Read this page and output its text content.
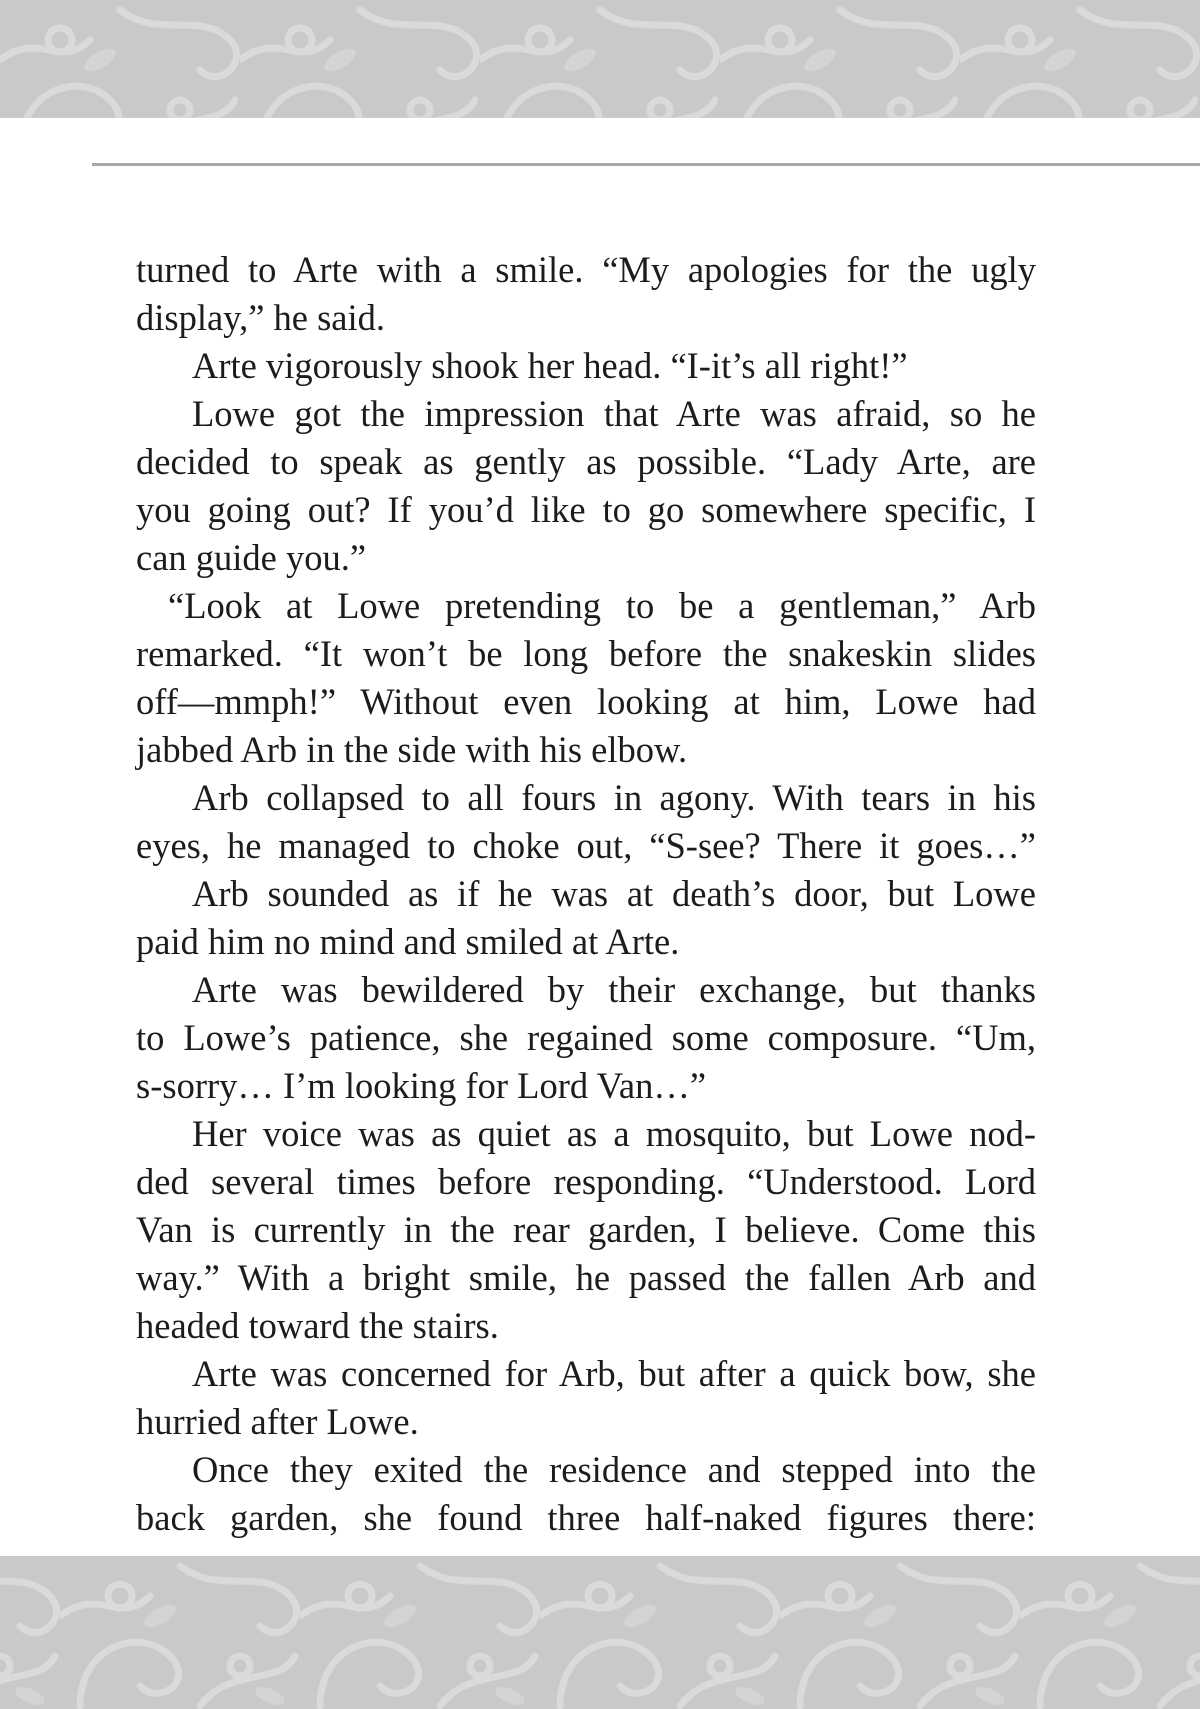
turned to Arte with a smile. “My apologies for the ugly
display,” he said.
Arte vigorously shook her head. “I-it’s all right!”
Lowe got the impression that Arte was afraid, so he
decided to speak as gently as possible. “Lady Arte, are
you going out? If you’d like to go somewhere specific, I
can guide you.”
“Look at Lowe pretending to be a gentleman,” Arb
remarked. “It won’t be long before the snakeskin slides
off—mmph!” Without even looking at him, Lowe had
jabbed Arb in the side with his elbow.
Arb collapsed to all fours in agony. With tears in his
eyes, he managed to choke out, “S-see? There it goes…”
Arb sounded as if he was at death’s door, but Lowe
paid him no mind and smiled at Arte.
Arte was bewildered by their exchange, but thanks
to Lowe’s patience, she regained some composure. “Um,
s-sorry… I’m looking for Lord Van…”
Her voice was as quiet as a mosquito, but Lowe nod-
ded several times before responding. “Understood. Lord
Van is currently in the rear garden, I believe. Come this
way.” With a bright smile, he passed the fallen Arb and
headed toward the stairs.
Arte was concerned for Arb, but after a quick bow, she
hurried after Lowe.
Once they exited the residence and stepped into the
back garden, she found three half-naked figures there:
